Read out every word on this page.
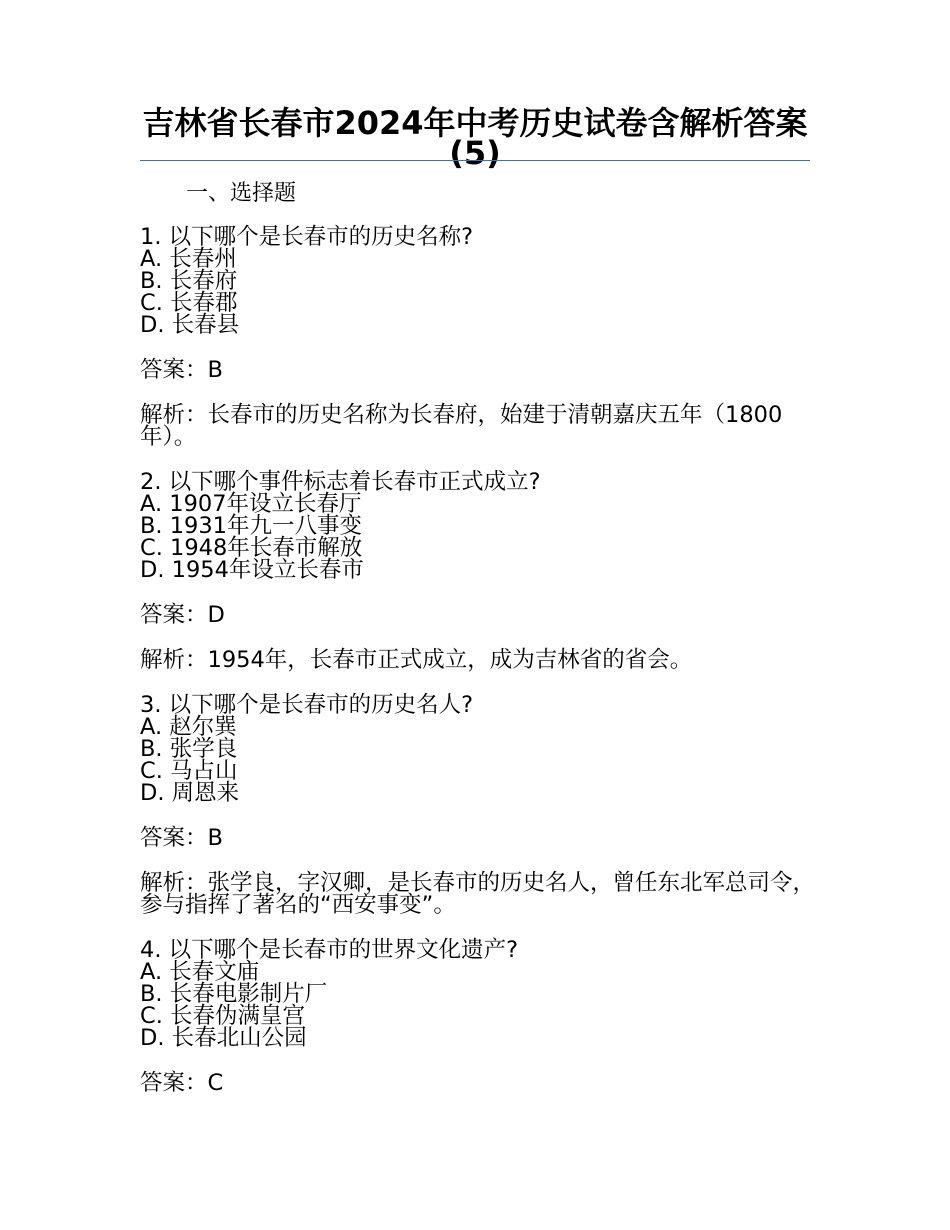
吉林省长春市2024年中考历史试卷含解析答案(5)
一、选择题
1. 以下哪个是长春市的历史名称?
A. 长春州
B. 长春府
C. 长春郡
D. 长春县
答案：B
解析：长春市的历史名称为长春府，始建于清朝嘉庆五年（1800年）。
2. 以下哪个事件标志着长春市正式成立?
A. 1907年设立长春厅
B. 1931年九一八事变
C. 1948年长春市解放
D. 1954年设立长春市
答案：D
解析：1954年，长春市正式成立，成为吉林省的省会。
3. 以下哪个是长春市的历史名人?
A. 赵尔巽
B. 张学良
C. 马占山
D. 周恩来
答案：B
解析：张学良，字汉卿，是长春市的历史名人，曾任东北军总司令，参与指挥了著名的“西安事变”。
4. 以下哪个是长春市的世界文化遗产?
A. 长春文庙
B. 长春电影制片厂
C. 长春伪满皇宫
D. 长春北山公园
答案：C
